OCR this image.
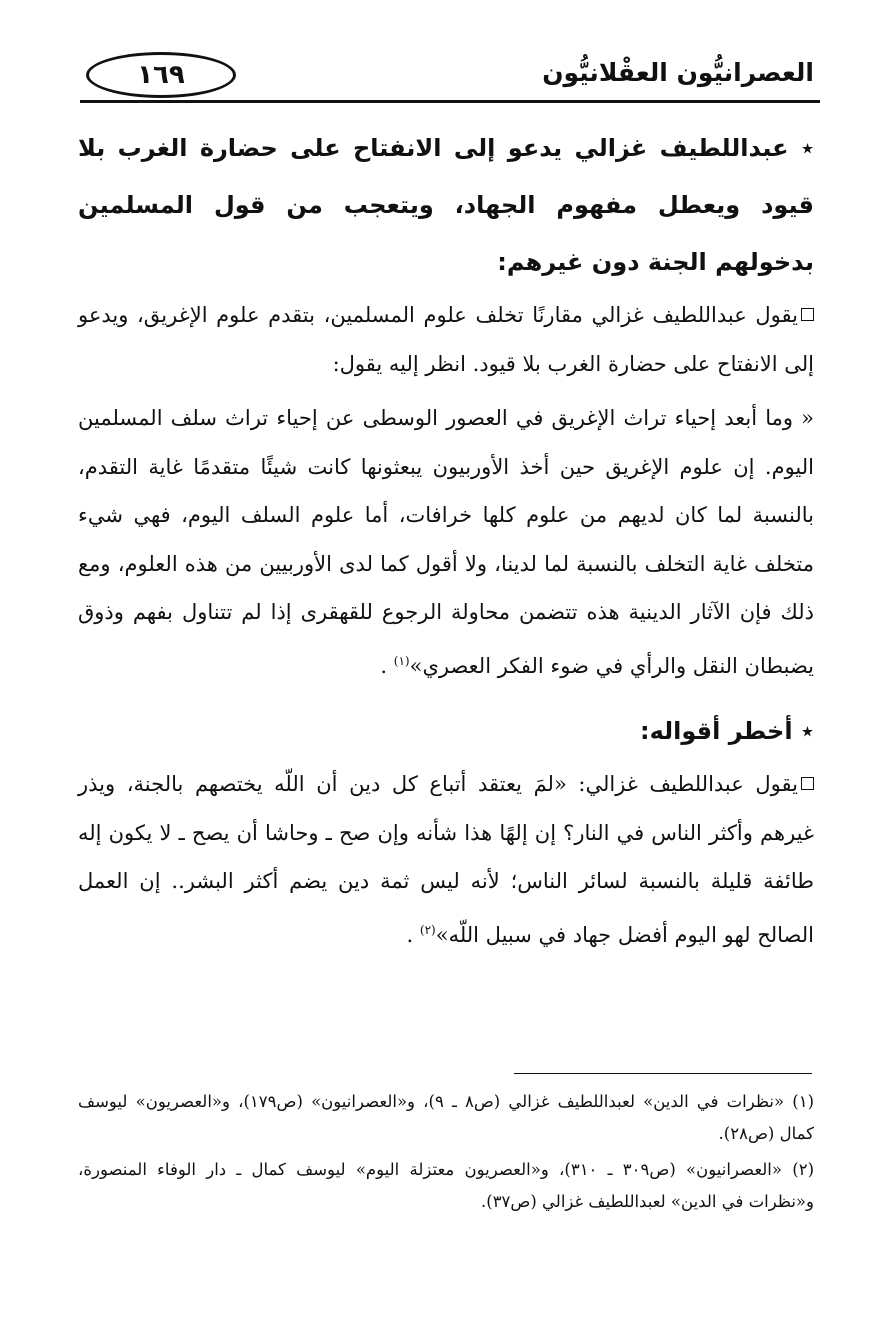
١٦٩	العصرانيُّون العقْلانيُّون

٭ عبداللطيف غزالي يدعو إلى الانفتاح على حضارة الغرب بلا قيود ويعطل مفهوم الجهاد، ويتعجب من قول المسلمين بدخولهم الجنة دون غيرهم:

يقول عبداللطيف غزالي مقارنًا تخلف علوم المسلمين، بتقدم علوم الإغريق، ويدعو إلى الانفتاح على حضارة الغرب بلا قيود. انظر إليه يقول:

« وما أبعد إحياء تراث الإغريق في العصور الوسطى عن إحياء تراث سلف المسلمين اليوم. إن علوم الإغريق حين أخذ الأوربيون يبعثونها كانت شيئًا متقدمًا غاية التقدم، بالنسبة لما كان لديهم من علوم كلها خرافات، أما علوم السلف اليوم، فهي شيء متخلف غاية التخلف بالنسبة لما لدينا، ولا أقول كما لدى الأوربيين من هذه العلوم، ومع ذلك فإن الآثار الدينية هذه تتضمن محاولة الرجوع للقهقرى إذا لم تتناول بفهم وذوق يضبطان النقل والرأي في ضوء الفكر العصري»$^{(١)}$ .

٭ أخطر أقواله:

يقول عبداللطيف غزالي: «لمَ يعتقد أتباع كل دين أن اللّه يختصهم بالجنة، ويذر غيرهم وأكثر الناس في النار؟ إن إلهًا هذا شأنه وإن صح ـ وحاشا أن يصح ـ لا يكون إله طائفة قليلة بالنسبة لسائر الناس؛ لأنه ليس ثمة دين يضم أكثر البشر.. إن العمل الصالح لهو اليوم أفضل جهاد في سبيل اللّه»$^{(٢)}$ .

(١) «نظرات في الدين» لعبداللطيف غزالي (ص٨ ـ ٩)، و«العصرانيون» (ص١٧٩)، و«العصريون» ليوسف كمال (ص٢٨).

(٢) «العصرانيون» (ص٣٠٩ ـ ٣١٠)، و«العصريون معتزلة اليوم» ليوسف كمال ـ دار الوفاء المنصورة، و«نظرات في الدين» لعبداللطيف غزالي (ص٣٧).
